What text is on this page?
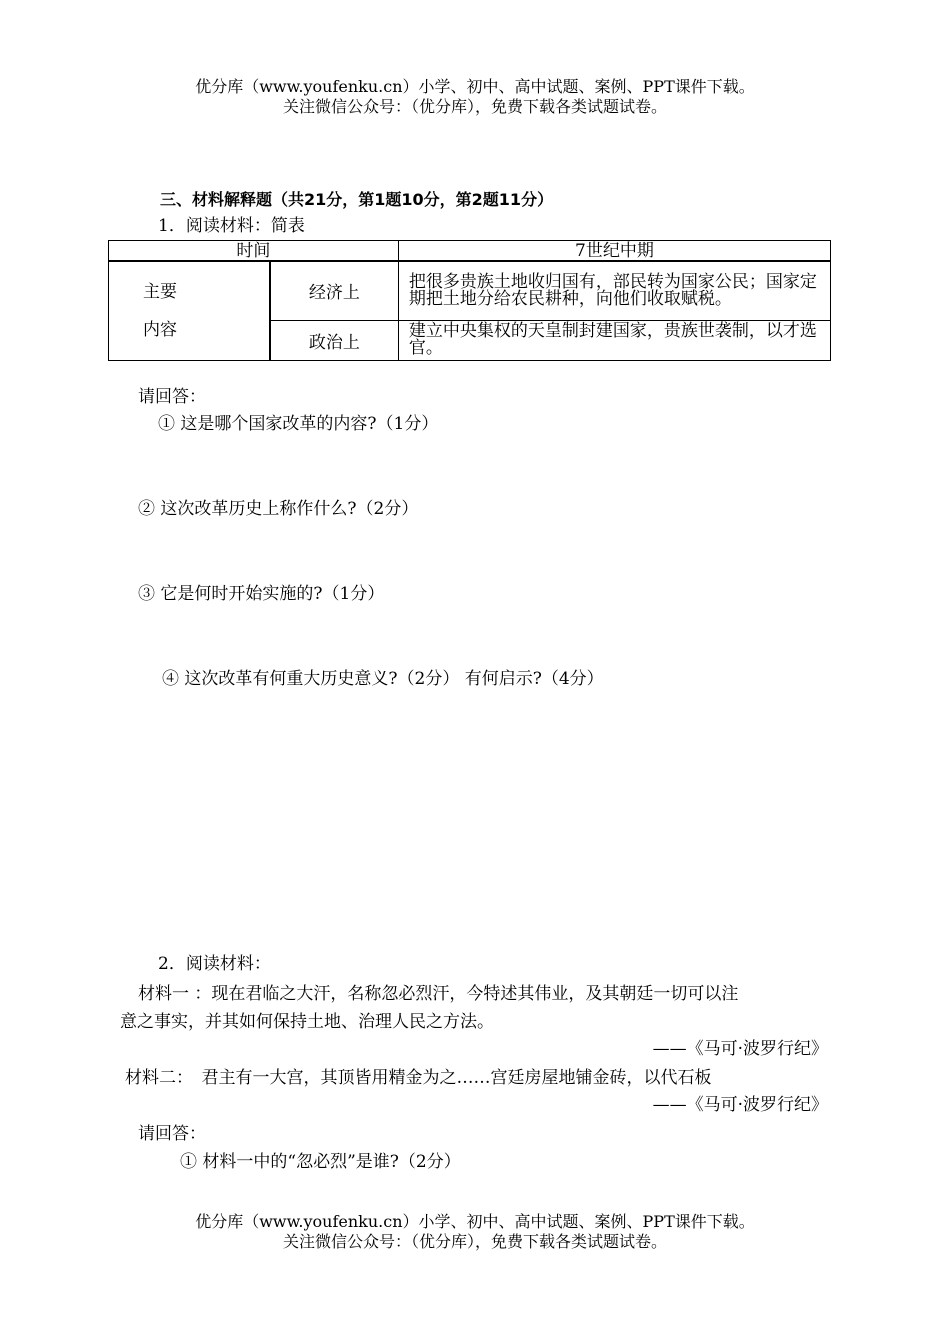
优分库（www.youfenku.cn）小学、初中、高中试题、案例、PPT课件下载。
关注微信公众号：（优分库），免费下载各类试题试卷。
三、材料解释题（共21分，第1题10分，第2题11分）
1．阅读材料：简表
时间		7世纪中期

主要
内容	经济上	把很多贵族土地收归国有，部民转为国家公民；国家定期把土地分给农民耕种，向他们收取赋税。
	政治上	建立中央集权的天皇制封建国家，贵族世袭制，以才选官。
请回答：
① 这是哪个国家改革的内容?（1分）
② 这次改革历史上称作什么?（2分）
③ 它是何时开始实施的?（1分）
④ 这次改革有何重大历史意义?（2分） 有何启示?（4分）
2．阅读材料：
材料一 ：现在君临之大汗，名称忽必烈汗，今特述其伟业，及其朝廷一切可以注
意之事实，并其如何保持土地、治理人民之方法。
——《马可·波罗行纪》
材料二：　君主有一大宫，其顶皆用精金为之……宫廷房屋地铺金砖，以代石板
——《马可·波罗行纪》
请回答：
① 材料一中的“忽必烈”是谁?（2分）
优分库（www.youfenku.cn）小学、初中、高中试题、案例、PPT课件下载。
关注微信公众号：（优分库），免费下载各类试题试卷。
